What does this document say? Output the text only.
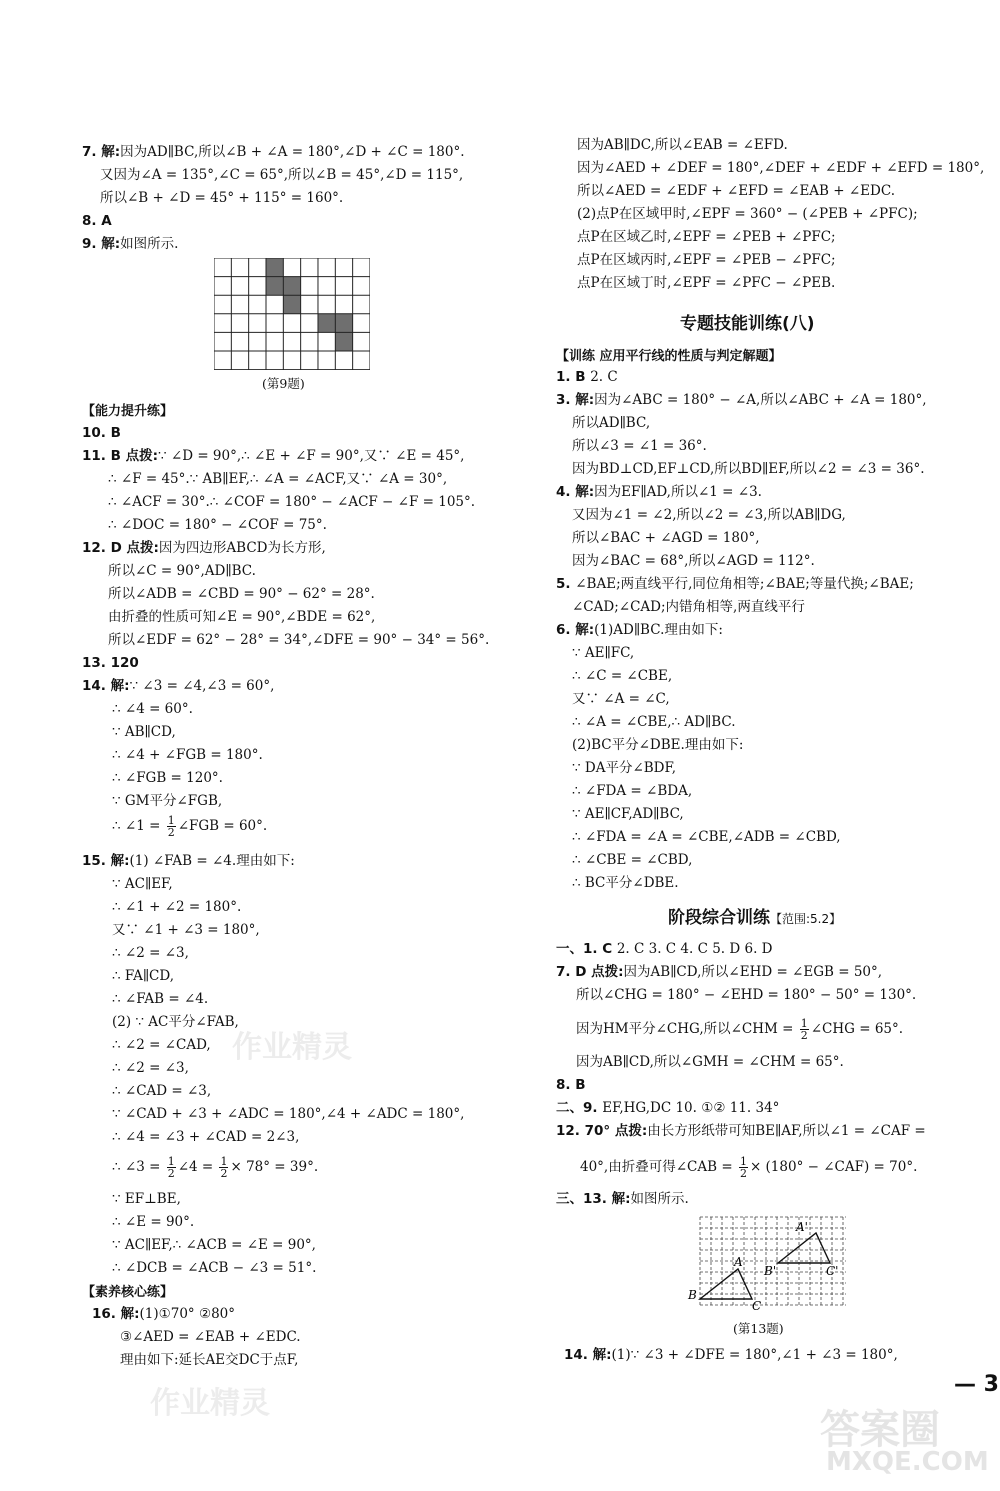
7. 解:因为AD∥BC,所以∠B + ∠A = 180°,∠D + ∠C = 180°.
又因为∠A = 135°,∠C = 65°,所以∠B = 45°,∠D = 115°,
所以∠B + ∠D = 45° + 115° = 160°.
8. A
9. 解:如图所示.
10. B
11. B 点拨:∵ ∠D = 90°,∴ ∠E + ∠F = 90°,又∵ ∠E = 45°,
∴ ∠F = 45°.∵ AB∥EF,∴ ∠A = ∠ACF,又∵ ∠A = 30°,
∴ ∠ACF = 30°.∴ ∠COF = 180° − ∠ACF − ∠F = 105°.
∴ ∠DOC = 180° − ∠COF = 75°.
12. D 点拨:因为四边形ABCD为长方形,
所以∠C = 90°,AD∥BC.
所以∠ADB = ∠CBD = 90° − 62° = 28°.
由折叠的性质可知∠E = 90°,∠BDE = 62°,
所以∠EDF = 62° − 28° = 34°,∠DFE = 90° − 34° = 56°.
13. 120
14. 解:∵ ∠3 = ∠4,∠3 = 60°,
∴ ∠4 = 60°.
∵ AB∥CD,
∴ ∠4 + ∠FGB = 180°.
∴ ∠FGB = 120°.
∵ GM平分∠FGB,
15. 解:(1) ∠FAB = ∠4.理由如下:
∵ AC∥EF,
∴ ∠1 + ∠2 = 180°.
又∵ ∠1 + ∠3 = 180°,
∴ ∠2 = ∠3,
∴ FA∥CD,
∴ ∠FAB = ∠4.
(2) ∵ AC平分∠FAB,
∴ ∠2 = ∠CAD,
∴ ∠2 = ∠3,
∴ ∠CAD = ∠3,
∵ ∠CAD + ∠3 + ∠ADC = 180°,∠4 + ∠ADC = 180°,
∴ ∠4 = ∠3 + ∠CAD = 2∠3,
∵ EF⊥BE,
∴ ∠E = 90°.
∵ AC∥EF,∴ ∠ACB = ∠E = 90°,
∴ ∠DCB = ∠ACB − ∠3 = 51°.
16. 解:(1)①70° ②80°
③∠AED = ∠EAB + ∠EDC.
理由如下:延长AE交DC于点F,
因为AB∥DC,所以∠EAB = ∠EFD.
因为∠AED + ∠DEF = 180°,∠DEF + ∠EDF + ∠EFD = 180°,
所以∠AED = ∠EDF + ∠EFD = ∠EAB + ∠EDC.
(2)点P在区域甲时,∠EPF = 360° − (∠PEB + ∠PFC);
点P在区域乙时,∠EPF = ∠PEB + ∠PFC;
点P在区域丙时,∠EPF = ∠PEB − ∠PFC;
点P在区域丁时,∠EPF = ∠PFC − ∠PEB.
1. B 2. C
3. 解:因为∠ABC = 180° − ∠A,所以∠ABC + ∠A = 180°,
所以AD∥BC,
所以∠3 = ∠1 = 36°.
因为BD⊥CD,EF⊥CD,所以BD∥EF,所以∠2 = ∠3 = 36°.
4. 解:因为EF∥AD,所以∠1 = ∠3.
又因为∠1 = ∠2,所以∠2 = ∠3,所以AB∥DG,
所以∠BAC + ∠AGD = 180°,
因为∠BAC = 68°,所以∠AGD = 112°.
5. ∠BAE;两直线平行,同位角相等;∠BAE;等量代换;∠BAE;
∠CAD;∠CAD;内错角相等,两直线平行
6. 解:(1)AD∥BC.理由如下:
∵ AE∥FC,
∴ ∠C = ∠CBE,
又∵ ∠A = ∠C,
∴ ∠A = ∠CBE,∴ AD∥BC.
(2)BC平分∠DBE.理由如下:
∵ DA平分∠BDF,
∴ ∠FDA = ∠BDA,
∵ AE∥CF,AD∥BC,
∴ ∠FDA = ∠A = ∠CBE,∠ADB = ∠CBD,
∴ ∠CBE = ∠CBD,
∴ BC平分∠DBE.
一、1. C 2. C 3. C 4. C 5. D 6. D
7. D 点拨:因为AB∥CD,所以∠EHD = ∠EGB = 50°,
所以∠CHG = 180° − ∠EHD = 180° − 50° = 130°.
因为AB∥CD,所以∠GMH = ∠CHM = 65°.
8. B
二、9. EF,HG,DC 10. ①② 11. 34°
12. 70° 点拨:由长方形纸带可知BE∥AF,所以∠1 = ∠CAF =
三、13. 解:如图所示.
14. 解:(1)∵ ∠3 + ∠DFE = 180°,∠1 + ∠3 = 180°,
【能力提升练】
【素养核心练】
【训练 应用平行线的性质与判定解题】
专题技能训练(八)
阶段综合训练【范围:5.2】
∴ ∠1 = $\frac{1}{2}$ ∠FGB = 60°.
∴ ∠3 = $\frac{1}{2}$ ∠4 = $\frac{1}{2} \times 78^\circ = 39^\circ$.
因为HM平分∠CHG,所以∠CHM = $\frac{1}{2}$ ∠CHG = 65°.
40°,由折叠可得∠CAB = $\frac{1}{2} \times (180^\circ$ − ∠CAF) = 70°.
(第9题)
B
A
C
B'
A'
C'
(第13题)
— 3
作业精灵
作业精灵
答案圈
MXQE.COM
